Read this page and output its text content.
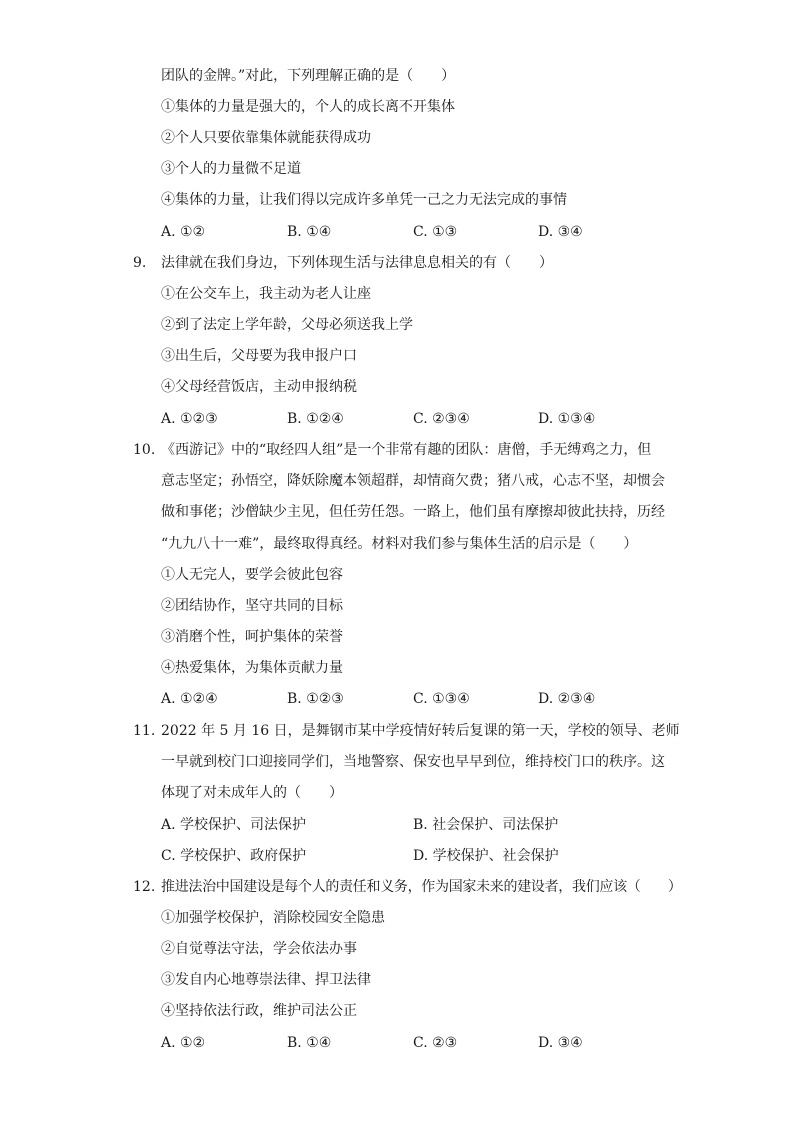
团队的金牌。”对此，下列理解正确的是（　　）
①集体的力量是强大的，个人的成长离不开集体
②个人只要依靠集体就能获得成功
③个人的力量微不足道
④集体的力量，让我们得以完成许多单凭一己之力无法完成的事情
A. ①②	B. ①④	C. ①③	D. ③④
9. 法律就在我们身边，下列体现生活与法律息息相关的有（　　）
①在公交车上，我主动为老人让座
②到了法定上学年龄，父母必须送我上学
③出生后，父母要为我申报户口
④父母经营饭店，主动申报纳税
A. ①②③	B. ①②④	C. ②③④	D. ①③④
10. 《西游记》中的“取经四人组”是一个非常有趣的团队：唐僧，手无缚鸡之力，但
意志坚定；孙悟空，降妖除魔本领超群，却情商欠费；猪八戒，心志不坚，却惯会
做和事佬；沙僧缺少主见，但任劳任怨。一路上，他们虽有摩擦却彼此扶持，历经
“九九八十一难”，最终取得真经。材料对我们参与集体生活的启示是（　　）
①人无完人，要学会彼此包容
②团结协作，坚守共同的目标
③消磨个性，呵护集体的荣誉
④热爱集体，为集体贡献力量
A. ①②④	B. ①②③	C. ①③④	D. ②③④
11. 2022 年 5 月 16 日，是舞钢市某中学疫情好转后复课的第一天，学校的领导、老师
一早就到校门口迎接同学们，当地警察、保安也早早到位，维持校门口的秩序。这
体现了对未成年人的（　　）
A. 学校保护、司法保护	B. 社会保护、司法保护
C. 学校保护、政府保护	D. 学校保护、社会保护
12. 推进法治中国建设是每个人的责任和义务，作为国家未来的建设者，我们应该（　　）
①加强学校保护，消除校园安全隐患
②自觉尊法守法，学会依法办事
③发自内心地尊崇法律、捍卫法律
④坚持依法行政，维护司法公正
A. ①②	B. ①④	C. ②③	D. ③④
